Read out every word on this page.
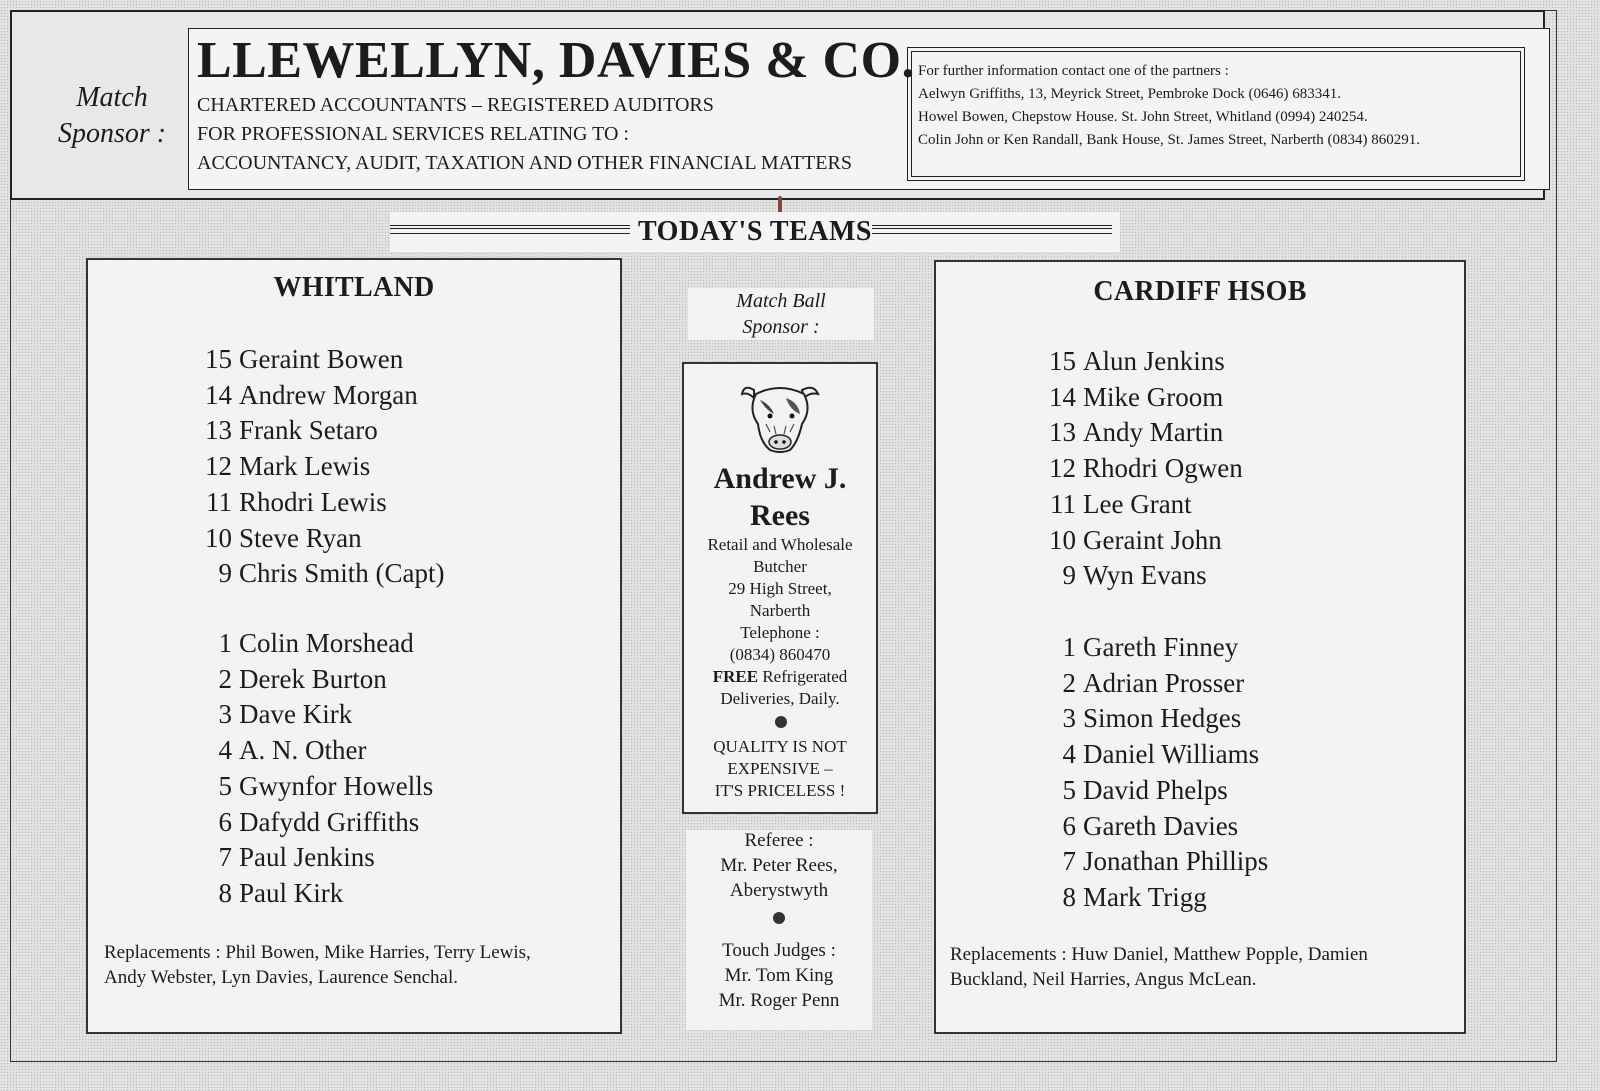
Match
Sponsor :
LLEWELLYN, DAVIES & CO.
CHARTERED ACCOUNTANTS – REGISTERED AUDITORS
FOR PROFESSIONAL SERVICES RELATING TO :
ACCOUNTANCY, AUDIT, TAXATION AND OTHER FINANCIAL MATTERS
For further information contact one of the partners :
Aelwyn Griffiths, 13, Meyrick Street, Pembroke Dock (0646) 683341.
Howel Bowen, Chepstow House. St. John Street, Whitland (0994) 240254.
Colin John or Ken Randall, Bank House, St. James Street, Narberth (0834) 860291.
TODAY'S TEAMS
WHITLAND
15 Geraint Bowen
14 Andrew Morgan
13 Frank Setaro
12 Mark Lewis
11 Rhodri Lewis
10 Steve Ryan
9 Chris Smith (Capt)
1 Colin Morshead
2 Derek Burton
3 Dave Kirk
4 A. N. Other
5 Gwynfor Howells
6 Dafydd Griffiths
7 Paul Jenkins
8 Paul Kirk
Replacements : Phil Bowen, Mike Harries, Terry Lewis,
Andy Webster, Lyn Davies, Laurence Senchal.
CARDIFF HSOB
15 Alun Jenkins
14 Mike Groom
13 Andy Martin
12 Rhodri Ogwen
11 Lee Grant
10 Geraint John
9 Wyn Evans
1 Gareth Finney
2 Adrian Prosser
3 Simon Hedges
4 Daniel Williams
5 David Phelps
6 Gareth Davies
7 Jonathan Phillips
8 Mark Trigg
Replacements : Huw Daniel, Matthew Popple, Damien
Buckland, Neil Harries, Angus McLean.
Match Ball
Sponsor :
Andrew J.
Rees
Retail and Wholesale
Butcher
29 High Street,
Narberth
Telephone :
(0834) 860470
FREE Refrigerated
Deliveries, Daily.
QUALITY IS NOT
EXPENSIVE –
IT'S PRICELESS !
Referee :
Mr. Peter Rees,
Aberystwyth
Touch Judges :
Mr. Tom King
Mr. Roger Penn
